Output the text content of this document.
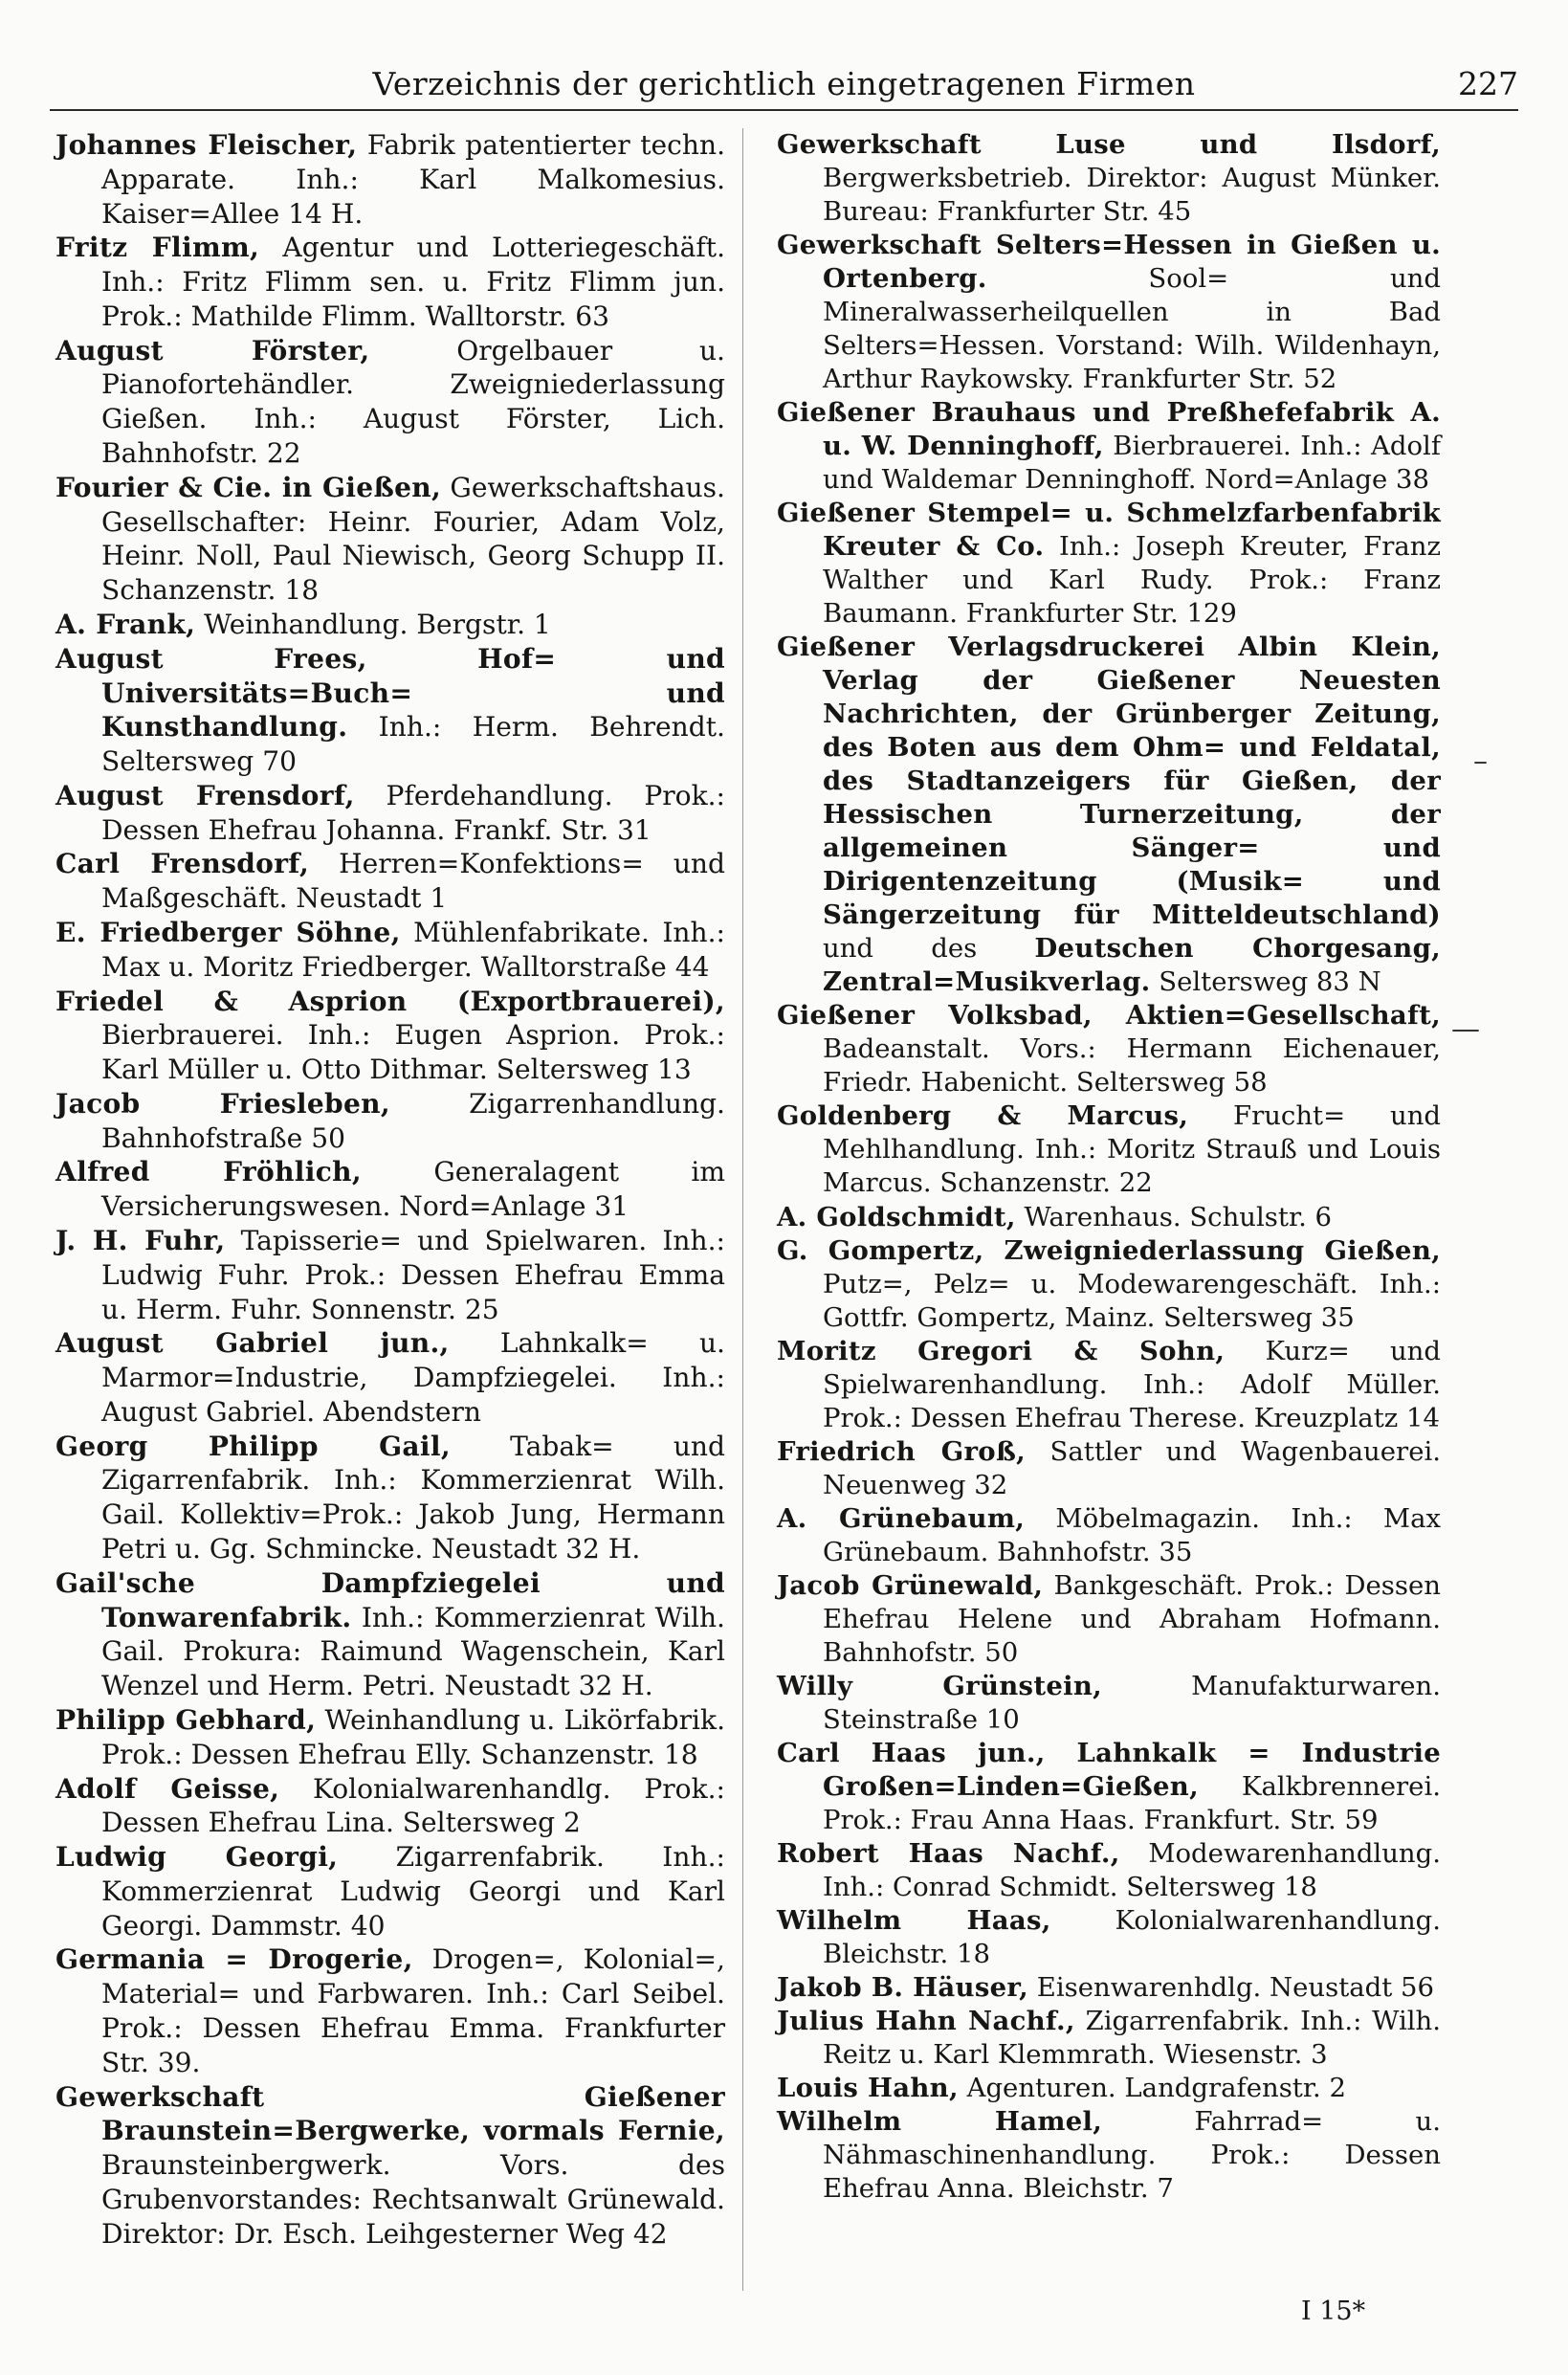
Verzeichnis der gerichtlich eingetragenen Firmen	227
Johannes Fleischer, Fabrik patentierter techn. Apparate. Inh.: Karl Malkomesius. Kaiser=Allee 14 H.
Fritz Flimm, Agentur und Lotteriegeschäft. Inh.: Fritz Flimm sen. u. Fritz Flimm jun. Prok.: Mathilde Flimm. Walltorstr. 63
August Förster, Orgelbauer u. Pianofortehändler. Zweigniederlassung Gießen. Inh.: August Förster, Lich. Bahnhofstr. 22
Fourier & Cie. in Gießen, Gewerkschaftshaus. Gesellschafter: Heinr. Fourier, Adam Volz, Heinr. Noll, Paul Niewisch, Georg Schupp II. Schanzenstr. 18
A. Frank, Weinhandlung. Bergstr. 1
August Frees, Hof= und Universitäts=Buch= und Kunsthandlung. Inh.: Herm. Behrendt. Seltersweg 70
August Frensdorf, Pferdehandlung. Prok.: Dessen Ehefrau Johanna. Frankf. Str. 31
Carl Frensdorf, Herren=Konfektions= und Maßgeschäft. Neustadt 1
E. Friedberger Söhne, Mühlenfabrikate. Inh.: Max u. Moritz Friedberger. Walltorstraße 44
Friedel & Asprion (Exportbrauerei), Bierbrauerei. Inh.: Eugen Asprion. Prok.: Karl Müller u. Otto Dithmar. Seltersweg 13
Jacob Friesleben, Zigarrenhandlung. Bahnhofstraße 50
Alfred Fröhlich, Generalagent im Versicherungswesen. Nord=Anlage 31
J. H. Fuhr, Tapisserie= und Spielwaren. Inh.: Ludwig Fuhr. Prok.: Dessen Ehefrau Emma u. Herm. Fuhr. Sonnenstr. 25
August Gabriel jun., Lahnkalk= u. Marmor=Industrie, Dampfziegelei. Inh.: August Gabriel. Abendstern
Georg Philipp Gail, Tabak= und Zigarrenfabrik. Inh.: Kommerzienrat Wilh. Gail. Kollektiv=Prok.: Jakob Jung, Hermann Petri u. Gg. Schmincke. Neustadt 32 H.
Gail'sche Dampfziegelei und Tonwarenfabrik. Inh.: Kommerzienrat Wilh. Gail. Prokura: Raimund Wagenschein, Karl Wenzel und Herm. Petri. Neustadt 32 H.
Philipp Gebhard, Weinhandlung u. Likörfabrik. Prok.: Dessen Ehefrau Elly. Schanzenstr. 18
Adolf Geisse, Kolonialwarenhandlg. Prok.: Dessen Ehefrau Lina. Seltersweg 2
Ludwig Georgi, Zigarrenfabrik. Inh.: Kommerzienrat Ludwig Georgi und Karl Georgi. Dammstr. 40
Germania = Drogerie, Drogen=, Kolonial=, Material= und Farbwaren. Inh.: Carl Seibel. Prok.: Dessen Ehefrau Emma. Frankfurter Str. 39.
Gewerkschaft Gießener Braunstein=Bergwerke, vormals Fernie, Braunsteinbergwerk. Vors. des Grubenvorstandes: Rechtsanwalt Grünewald. Direktor: Dr. Esch. Leihgesterner Weg 42
Gewerkschaft Luse und Ilsdorf, Bergwerksbetrieb. Direktor: August Münker. Bureau: Frankfurter Str. 45
Gewerkschaft Selters=Hessen in Gießen u. Ortenberg. Sool= und Mineralwasserheilquellen in Bad Selters=Hessen. Vorstand: Wilh. Wildenhayn, Arthur Raykowsky. Frankfurter Str. 52
Gießener Brauhaus und Preßhefefabrik A. u. W. Denninghoff, Bierbrauerei. Inh.: Adolf und Waldemar Denninghoff. Nord=Anlage 38
Gießener Stempel= u. Schmelzfarbenfabrik Kreuter & Co. Inh.: Joseph Kreuter, Franz Walther und Karl Rudy. Prok.: Franz Baumann. Frankfurter Str. 129
Gießener Verlagsdruckerei Albin Klein, Verlag der Gießener Neuesten Nachrichten, der Grünberger Zeitung, des Boten aus dem Ohm= und Feldatal, des Stadtanzeigers für Gießen, der Hessischen Turnerzeitung, der allgemeinen Sänger= und Dirigentenzeitung (Musik= und Sängerzeitung für Mitteldeutschland) und des Deutschen Chorgesang, Zentral=Musikverlag. Seltersweg 83 N
Gießener Volksbad, Aktien=Gesellschaft, Badeanstalt. Vors.: Hermann Eichenauer, Friedr. Habenicht. Seltersweg 58
Goldenberg & Marcus, Frucht= und Mehlhandlung. Inh.: Moritz Strauß und Louis Marcus. Schanzenstr. 22
A. Goldschmidt, Warenhaus. Schulstr. 6
G. Gompertz, Zweigniederlassung Gießen, Putz=, Pelz= u. Modewarengeschäft. Inh.: Gottfr. Gompertz, Mainz. Seltersweg 35
Moritz Gregori & Sohn, Kurz= und Spielwarenhandlung. Inh.: Adolf Müller. Prok.: Dessen Ehefrau Therese. Kreuzplatz 14
Friedrich Groß, Sattler und Wagenbauerei. Neuenweg 32
A. Grünebaum, Möbelmagazin. Inh.: Max Grünebaum. Bahnhofstr. 35
Jacob Grünewald, Bankgeschäft. Prok.: Dessen Ehefrau Helene und Abraham Hofmann. Bahnhofstr. 50
Willy Grünstein, Manufakturwaren. Steinstraße 10
Carl Haas jun., Lahnkalk = Industrie Großen=Linden=Gießen, Kalkbrennerei. Prok.: Frau Anna Haas. Frankfurt. Str. 59
Robert Haas Nachf., Modewarenhandlung. Inh.: Conrad Schmidt. Seltersweg 18
Wilhelm Haas, Kolonialwarenhandlung. Bleichstr. 18
Jakob B. Häuser, Eisenwarenhdlg. Neustadt 56
Julius Hahn Nachf., Zigarrenfabrik. Inh.: Wilh. Reitz u. Karl Klemmrath. Wiesenstr. 3
Louis Hahn, Agenturen. Landgrafenstr. 2
Wilhelm Hamel, Fahrrad= u. Nähmaschinenhandlung. Prok.: Dessen Ehefrau Anna. Bleichstr. 7
–
—
I 15*
